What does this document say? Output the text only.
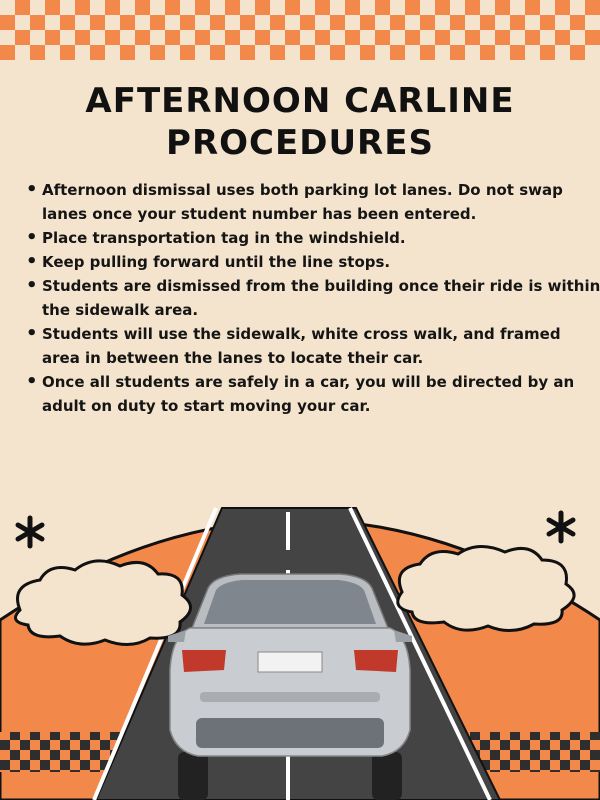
AFTERNOON CARLINE PROCEDURES
• Afternoon dismissal uses both parking lot lanes. Do not swap lanes once your student number has been entered.
• Place transportation tag in the windshield.
• Keep pulling forward until the line stops.
• Students are dismissed from the building once their ride is within the sidewalk area.
• Students will use the sidewalk, white cross walk, and framed area in between the lanes to locate their car.
• Once all students are safely in a car, you will be directed by an adult on duty to start moving your car.
